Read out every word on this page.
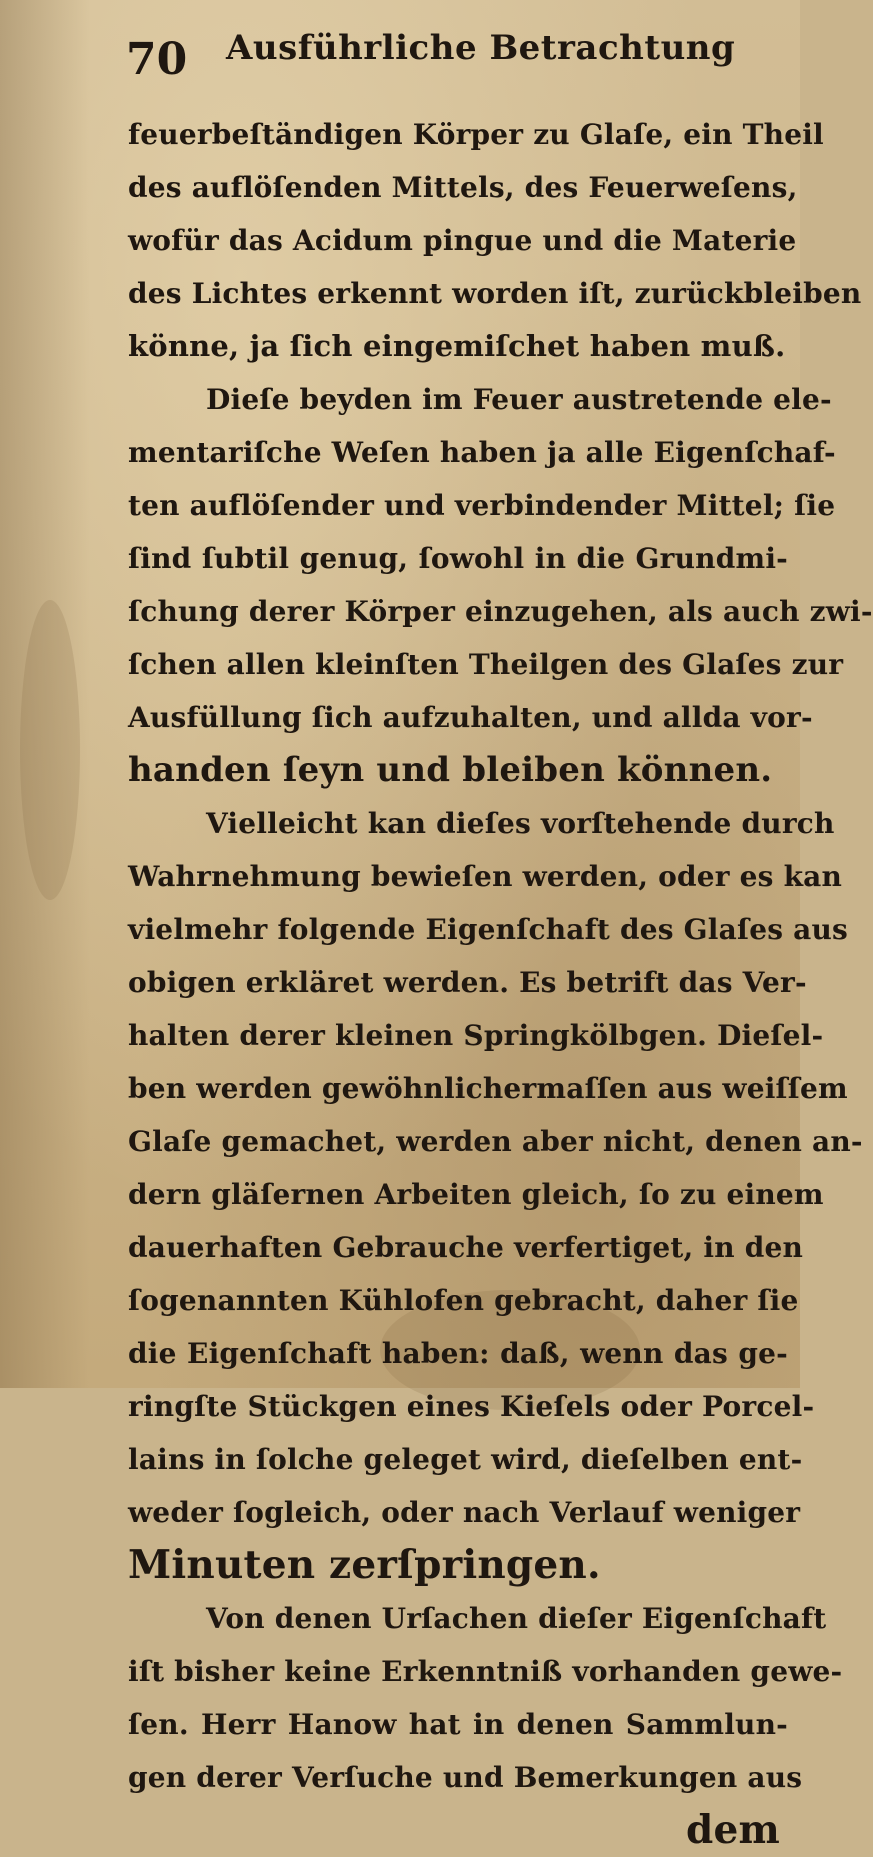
70 Ausführliche Betrachtung
feuerbeſtändigen Körper zu Glaſe, ein Theil
des auflöſenden Mittels, des Feuerweſens,
wofür das Acidum pingue und die Materie
des Lichtes erkennt worden iſt, zurückbleiben
könne, ja ſich eingemiſchet haben muß.
Dieſe beyden im Feuer austretende ele-
mentariſche Weſen haben ja alle Eigenſchaf-
ten auflöſender und verbindender Mittel; ſie
ſind ſubtil genug, ſowohl in die Grundmi-
ſchung derer Körper einzugehen, als auch zwi-
ſchen allen kleinſten Theilgen des Glaſes zur
Ausfüllung ſich aufzuhalten, und allda vor-
handen ſeyn und bleiben können.
Vielleicht kan dieſes vorſtehende durch
Wahrnehmung bewieſen werden, oder es kan
vielmehr folgende Eigenſchaft des Glaſes aus
obigen erkläret werden. Es betrift das Ver-
halten derer kleinen Springkölbgen. Dieſel-
ben werden gewöhnlichermaſſen aus weiſſem
Glaſe gemachet, werden aber nicht, denen an-
dern gläſernen Arbeiten gleich, ſo zu einem
dauerhaften Gebrauche verfertiget, in den
ſogenannten Kühlofen gebracht, daher ſie
die Eigenſchaft haben: daß, wenn das ge-
ringſte Stückgen eines Kieſels oder Porcel-
lains in ſolche geleget wird, dieſelben ent-
weder ſogleich, oder nach Verlauf weniger
Minuten zerſpringen.
Von denen Urſachen dieſer Eigenſchaft
iſt bisher keine Erkenntniß vorhanden gewe-
ſen. Herr Hanow hat in denen Sammlun-
gen derer Verſuche und Bemerkungen aus
dem
